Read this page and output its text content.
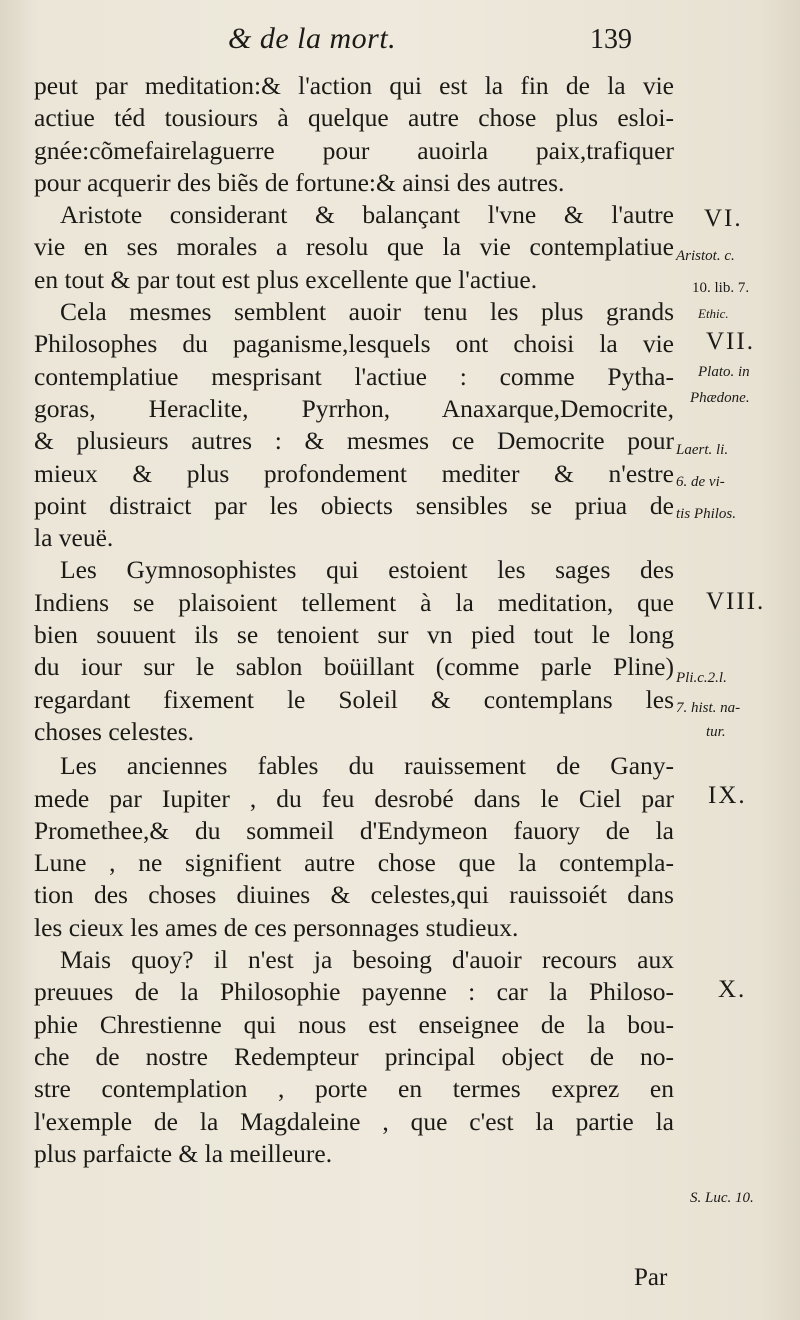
& de la mort.	139
peut par meditation:& l'action qui est la fin de la vie
actiue téd tousiours à quelque autre chose plus esloi-
gnée:cõmefairelaguerre pour auoirla paix,trafiquer
pour acquerir des biẽs de fortune:& ainsi des autres.
Aristote considerant & balançant l'vne & l'autre
vie en ses morales a resolu que la vie contemplatiue
en tout & par tout est plus excellente que l'actiue.
Cela mesmes semblent auoir tenu les plus grands
Philosophes du paganisme,lesquels ont choisi la vie
contemplatiue mesprisant l'actiue : comme Pytha-
goras, Heraclite, Pyrrhon, Anaxarque,Democrite,
& plusieurs autres : & mesmes ce Democrite pour
mieux & plus profondement mediter & n'estre
point distraict par les obiects sensibles se priua de
la veuë.
Les Gymnosophistes qui estoient les sages des
Indiens se plaisoient tellement à la meditation, que
bien souuent ils se tenoient sur vn pied tout le long
du iour sur le sablon boüillant (comme parle Pline)
regardant fixement le Soleil & contemplans les
choses celestes.
Les anciennes fables du rauissement de Gany-
mede par Iupiter , du feu desrobé dans le Ciel par
Promethee,& du sommeil d'Endymeon fauory de la
Lune , ne signifient autre chose que la contempla-
tion des choses diuines & celestes,qui rauissoiét dans
les cieux les ames de ces personnages studieux.
Mais quoy? il n'est ja besoing d'auoir recours aux
preuues de la Philosophie payenne : car la Philoso-
phie Chrestienne qui nous est enseignee de la bou-
che de nostre Redempteur principal object de no-
stre contemplation , porte en termes exprez en
l'exemple de la Magdaleine , que c'est la partie la
plus parfaicte & la meilleure.
VI.
Aristot. c.
10. lib. 7.
Ethic.
VII.
Plato. in
Phædone.
Laert. li.
6. de vi-
tis Philos.
VIII.
Pli.c.2.l.
7. hist. na-
tur.
IX.
X.
S. Luc. 10.
Par
